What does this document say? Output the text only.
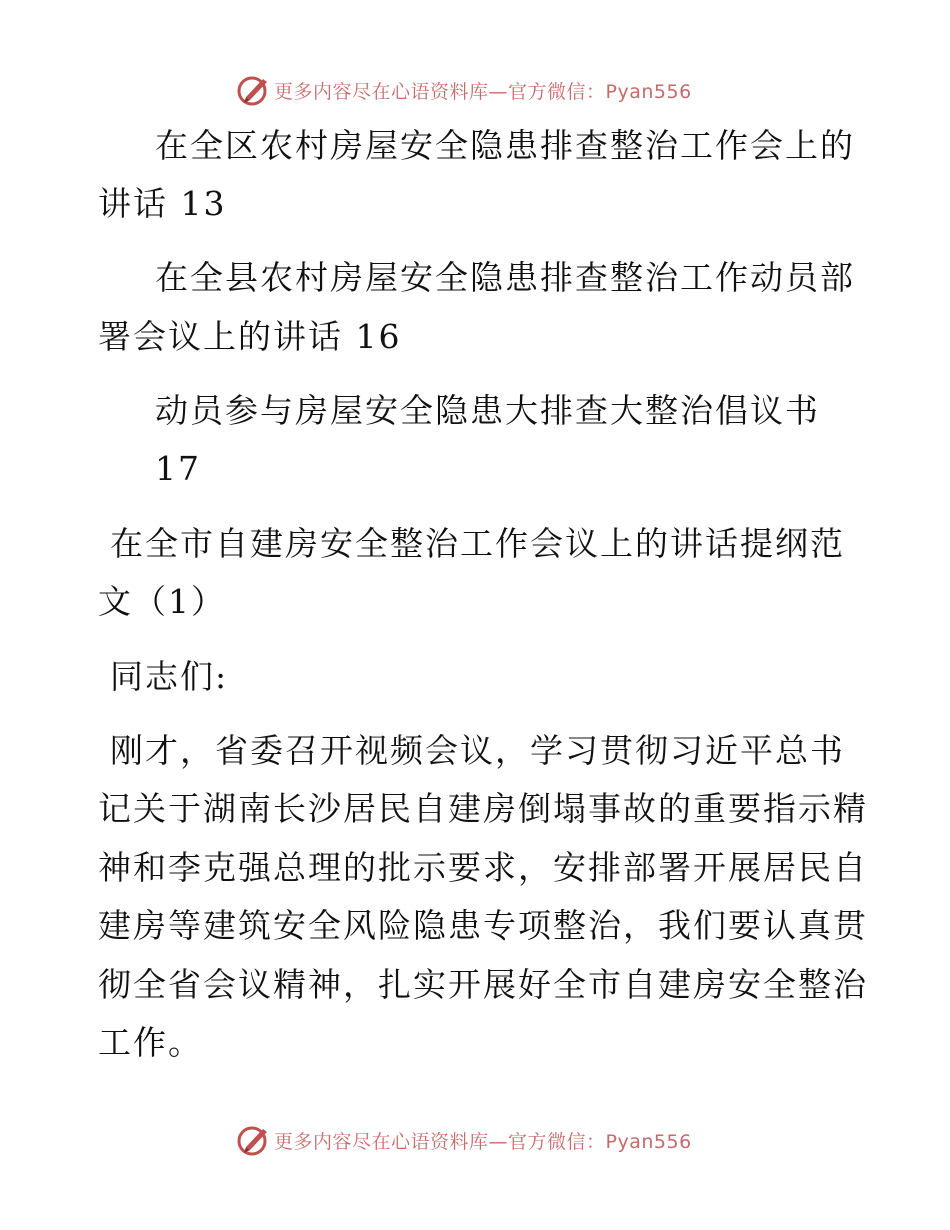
更多内容尽在心语资料库—官方微信：Pyan556
在全区农村房屋安全隐患排查整治工作会上的
讲话 13
在全县农村房屋安全隐患排查整治工作动员部
署会议上的讲话 16
动员参与房屋安全隐患大排查大整治倡议书
17
在全市自建房安全整治工作会议上的讲话提纲范
文（1）
同志们:
刚才，省委召开视频会议，学习贯彻习近平总书
记关于湖南长沙居民自建房倒塌事故的重要指示精
神和李克强总理的批示要求，安排部署开展居民自
建房等建筑安全风险隐患专项整治，我们要认真贯
彻全省会议精神，扎实开展好全市自建房安全整治
工作。
更多内容尽在心语资料库—官方微信：Pyan556
